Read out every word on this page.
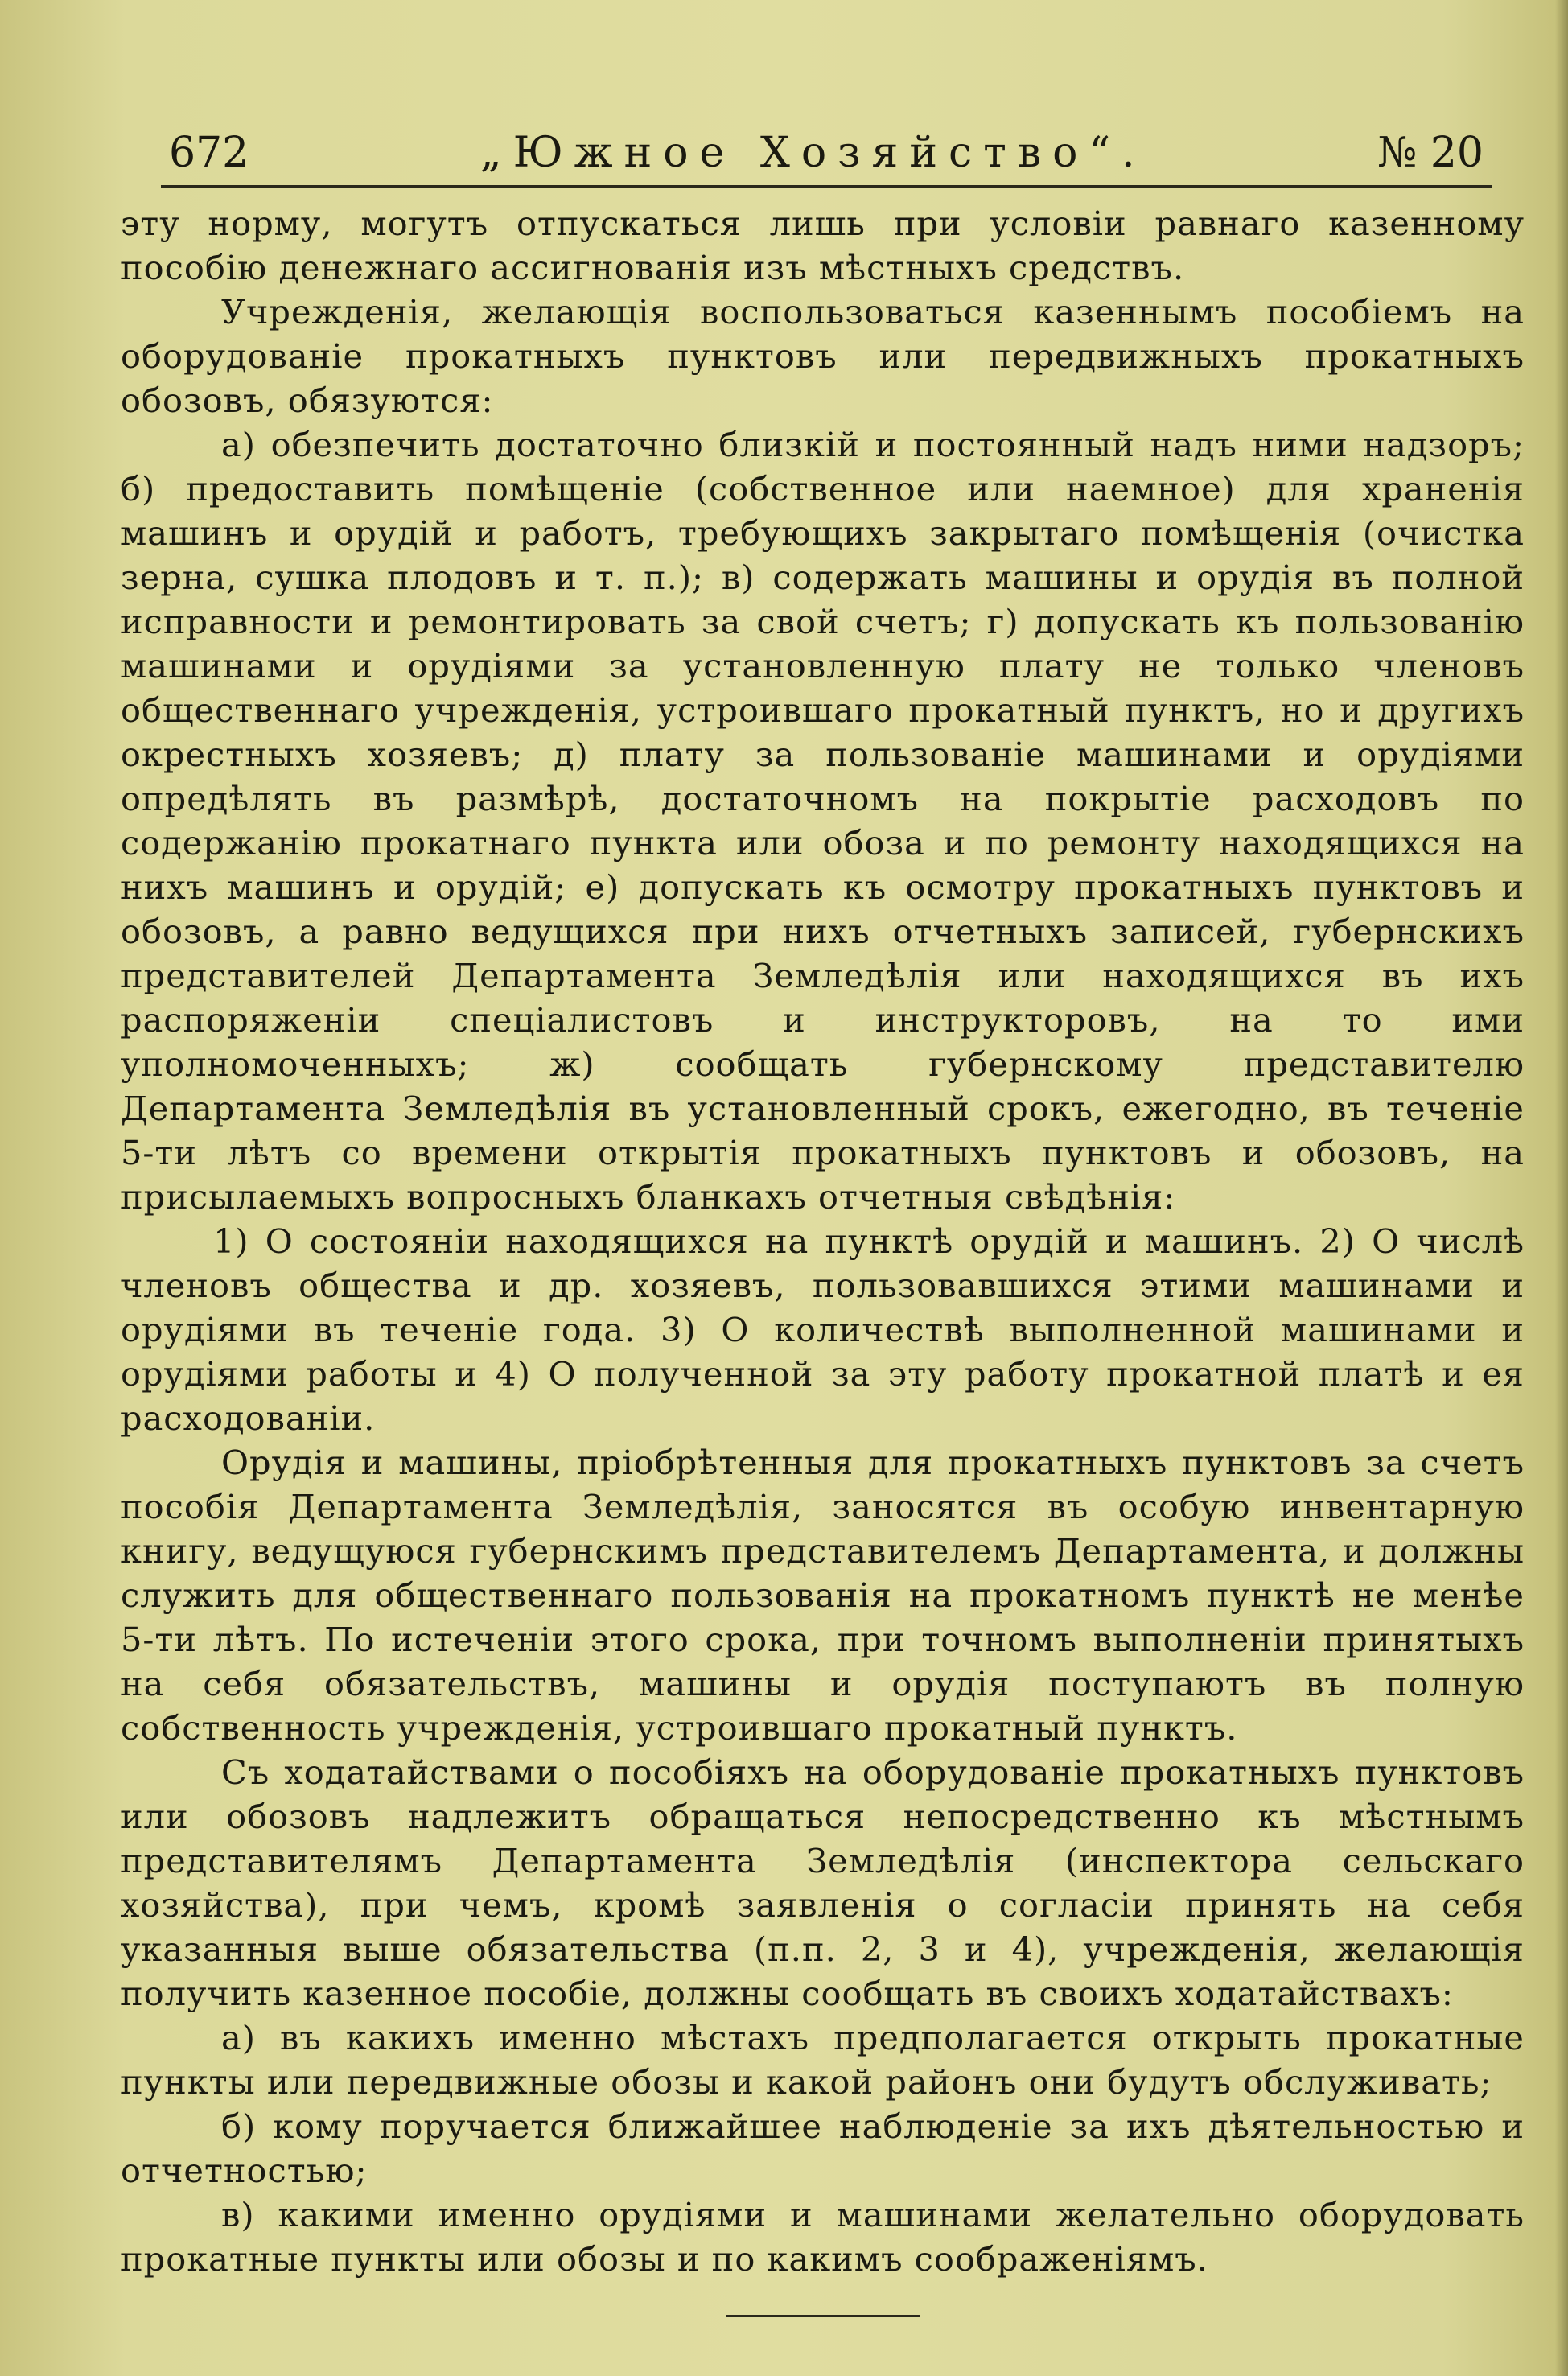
672	„Южное Хозяйство“.	№ 20

эту норму, могутъ отпускаться лишь при условіи равнаго казенному пособію денежнаго ассигнованія изъ мѣстныхъ средствъ.

Учрежденія, желающія воспользоваться казеннымъ пособіемъ на оборудованіе прокатныхъ пунктовъ или передвижныхъ прокатныхъ обозовъ, обязуются:

а) обезпечить достаточно близкій и постоянный надъ ними надзоръ; б) предоставить помѣщеніе (собственное или наемное) для храненія машинъ и орудій и работъ, требующихъ закрытаго помѣщенія (очистка зерна, сушка плодовъ и т. п.); в) содержать машины и орудія въ полной исправности и ремонтировать за свой счетъ; г) допускать къ пользованію машинами и орудіями за установленную плату не только членовъ общественнаго учрежденія, устроившаго прокатный пунктъ, но и другихъ окрестныхъ хозяевъ; д) плату за пользованіе машинами и орудіями опредѣлять въ размѣрѣ, достаточномъ на покрытіе расходовъ по содержанію прокатнаго пункта или обоза и по ремонту находящихся на нихъ машинъ и орудій; е) допускать къ осмотру прокатныхъ пунктовъ и обозовъ, а равно ведущихся при нихъ отчетныхъ записей, губернскихъ представителей Департамента Земледѣлія или находящихся въ ихъ распоряженіи спеціалистовъ и инструкторовъ, на то ими уполномоченныхъ; ж) сообщать губернскому представителю Департамента Земледѣлія въ установленный срокъ, ежегодно, въ теченіе 5-ти лѣтъ со времени открытія прокатныхъ пунктовъ и обозовъ, на присылаемыхъ вопросныхъ бланкахъ отчетныя свѣдѣнія:

1) О состояніи находящихся на пунктѣ орудій и машинъ. 2) О числѣ членовъ общества и др. хозяевъ, пользовавшихся этими машинами и орудіями въ теченіе года. 3) О количествѣ выполненной машинами и орудіями работы и 4) О полученной за эту работу прокатной платѣ и ея расходованіи.

Орудія и машины, пріобрѣтенныя для прокатныхъ пунктовъ за счетъ пособія Департамента Земледѣлія, заносятся въ особую инвентарную книгу, ведущуюся губернскимъ представителемъ Департамента, и должны служить для общественнаго пользованія на прокатномъ пунктѣ не менѣе 5-ти лѣтъ. По истеченіи этого срока, при точномъ выполненіи принятыхъ на себя обязательствъ, машины и орудія поступаютъ въ полную собственность учрежденія, устроившаго прокатный пунктъ.

Съ ходатайствами о пособіяхъ на оборудованіе прокатныхъ пунктовъ или обозовъ надлежитъ обращаться непосредственно къ мѣстнымъ представителямъ Департамента Земледѣлія (инспектора сельскаго хозяйства), при чемъ, кромѣ заявленія о согласіи принять на себя указанныя выше обязательства (п.п. 2, 3 и 4), учрежденія, желающія получить казенное пособіе, должны сообщать въ своихъ ходатайствахъ:

а) въ какихъ именно мѣстахъ предполагается открыть прокатные пункты или передвижные обозы и какой районъ они будутъ обслуживать;

б) кому поручается ближайшее наблюденіе за ихъ дѣятельностью и отчетностью;

в) какими именно орудіями и машинами желательно оборудовать прокатные пункты или обозы и по какимъ соображеніямъ.
